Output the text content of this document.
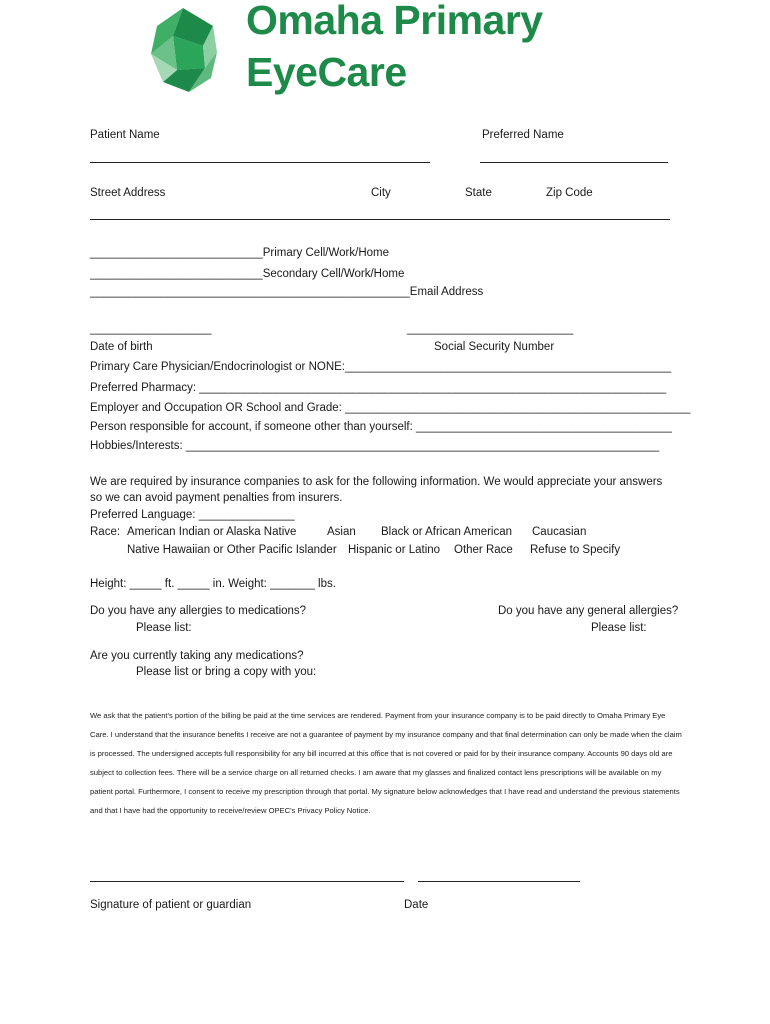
Omaha Primary
EyeCare
Patient Name	Preferred Name
Street Address	City	State	Zip Code
___________________________Primary Cell/Work/Home
___________________________Secondary Cell/Work/Home
__________________________________________________Email Address
___________________	__________________________
Date of birth	Social Security Number
Primary Care Physician/Endocrinologist or NONE:___________________________________________________
Preferred Pharmacy: _________________________________________________________________________
Employer and Occupation OR School and Grade: ______________________________________________________
Person responsible for account, if someone other than yourself: ________________________________________
Hobbies/Interests: __________________________________________________________________________
We are required by insurance companies to ask for the following information. We would appreciate your answers
so we can avoid payment penalties from insurers.
Preferred Language: _______________
Race: American Indian or Alaska Native	Asian Black or African American Caucasian
Native Hawaiian or Other Pacific Islander Hispanic or Latino Other Race Refuse to Specify
Height: _____ ft. _____ in. Weight: _______ lbs.
Do you have any allergies to medications?	Do you have any general allergies?
Please list:	Please list:
Are you currently taking any medications?
Please list or bring a copy with you:
We ask that the patient's portion of the billing be paid at the time services are rendered. Payment from your insurance company is to be paid directly to Omaha Primary Eye Care. I understand that the insurance benefits I receive are not a guarantee of payment by my insurance company and that final determination can only be made when the claim is processed. The undersigned accepts full responsibility for any bill incurred at this office that is not covered or paid for by their insurance company. Accounts 90 days old are subject to collection fees. There will be a service charge on all returned checks. I am aware that my glasses and finalized contact lens prescriptions will be available on my patient portal. Furthermore, I consent to receive my prescription through that portal. My signature below acknowledges that I have read and understand the previous statements and that I have had the opportunity to receive/review OPEC's Privacy Policy Notice.
Signature of patient or guardian	Date
